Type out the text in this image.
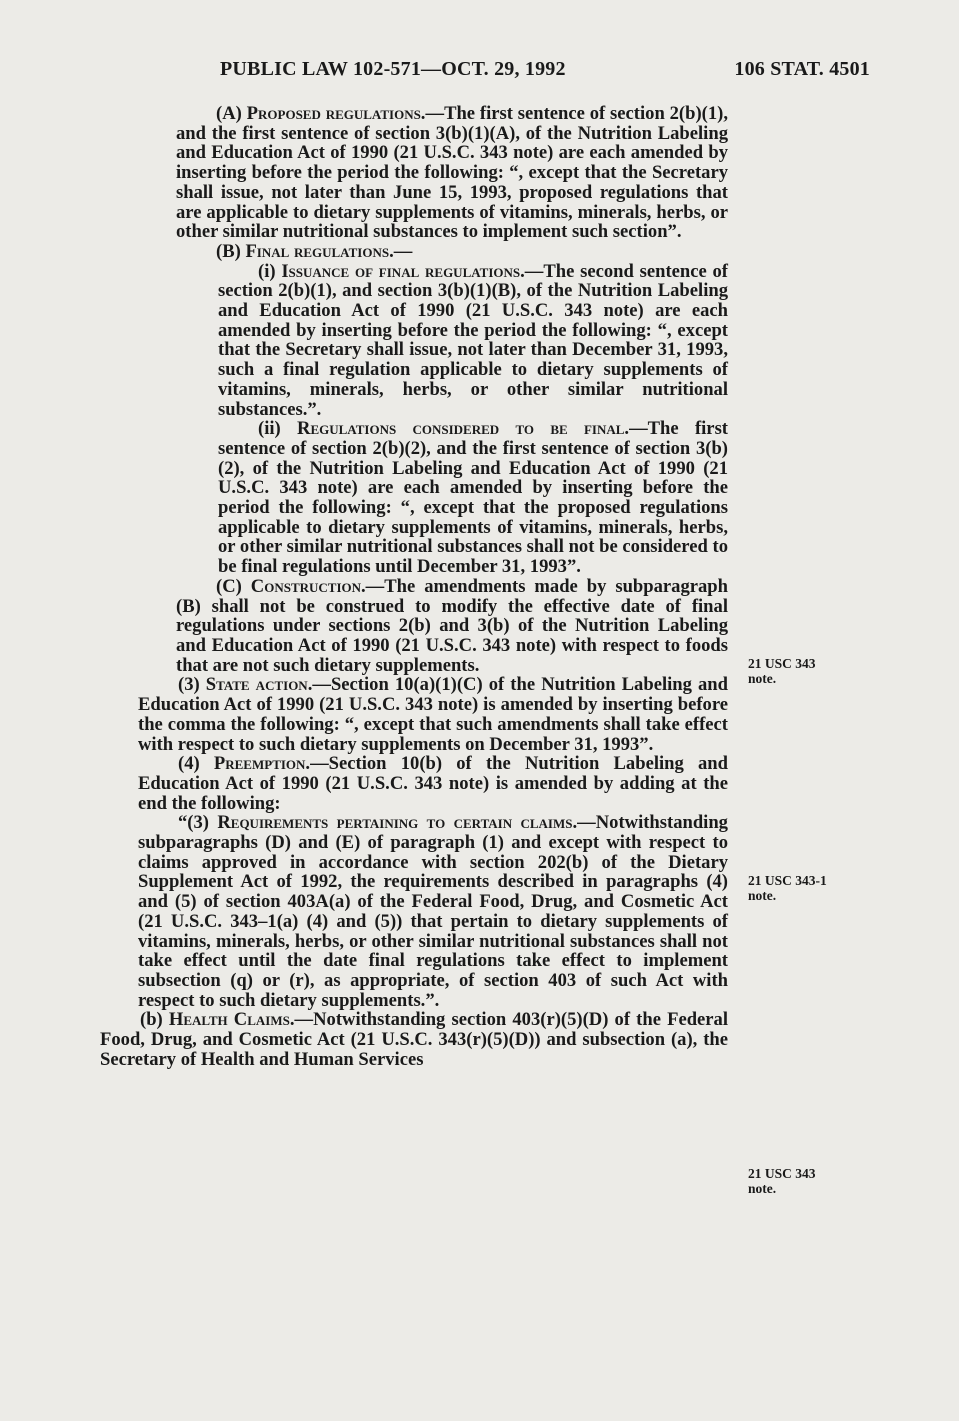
PUBLIC LAW 102-571—OCT. 29, 1992	106 STAT. 4501

(A) Proposed regulations.—The first sentence of section 2(b)(1), and the first sentence of section 3(b)(1)(A), of the Nutrition Labeling and Education Act of 1990 (21 U.S.C. 343 note) are each amended by inserting before the period the following: “, except that the Secretary shall issue, not later than June 15, 1993, proposed regulations that are applicable to dietary supplements of vitamins, minerals, herbs, or other similar nutritional substances to implement such section”.

(B) Final regulations.—

(i) Issuance of final regulations.—The second sentence of section 2(b)(1), and section 3(b)(1)(B), of the Nutrition Labeling and Education Act of 1990 (21 U.S.C. 343 note) are each amended by inserting before the period the following: “, except that the Secretary shall issue, not later than December 31, 1993, such a final regulation applicable to dietary supplements of vitamins, minerals, herbs, or other similar nutritional substances.”.

(ii) Regulations considered to be final.—The first sentence of section 2(b)(2), and the first sentence of section 3(b)(2), of the Nutrition Labeling and Education Act of 1990 (21 U.S.C. 343 note) are each amended by inserting before the period the following: “, except that the proposed regulations applicable to dietary supplements of vitamins, minerals, herbs, or other similar nutritional substances shall not be considered to be final regulations until December 31, 1993”.

(C) Construction.—The amendments made by subparagraph (B) shall not be construed to modify the effective date of final regulations under sections 2(b) and 3(b) of the Nutrition Labeling and Education Act of 1990 (21 U.S.C. 343 note) with respect to foods that are not such dietary supplements.

(3) State action.—Section 10(a)(1)(C) of the Nutrition Labeling and Education Act of 1990 (21 U.S.C. 343 note) is amended by inserting before the comma the following: “, except that such amendments shall take effect with respect to such dietary supplements on December 31, 1993”.

(4) Preemption.—Section 10(b) of the Nutrition Labeling and Education Act of 1990 (21 U.S.C. 343 note) is amended by adding at the end the following:

“(3) Requirements pertaining to certain claims.—Notwithstanding subparagraphs (D) and (E) of paragraph (1) and except with respect to claims approved in accordance with section 202(b) of the Dietary Supplement Act of 1992, the requirements described in paragraphs (4) and (5) of section 403A(a) of the Federal Food, Drug, and Cosmetic Act (21 U.S.C. 343–1(a) (4) and (5)) that pertain to dietary supplements of vitamins, minerals, herbs, or other similar nutritional substances shall not take effect until the date final regulations take effect to implement subsection (q) or (r), as appropriate, of section 403 of such Act with respect to such dietary supplements.”.

(b) Health Claims.—Notwithstanding section 403(r)(5)(D) of the Federal Food, Drug, and Cosmetic Act (21 U.S.C. 343(r)(5)(D)) and subsection (a), the Secretary of Health and Human Services

21 USC 343
note.
21 USC 343-1
note.
21 USC 343
note.
